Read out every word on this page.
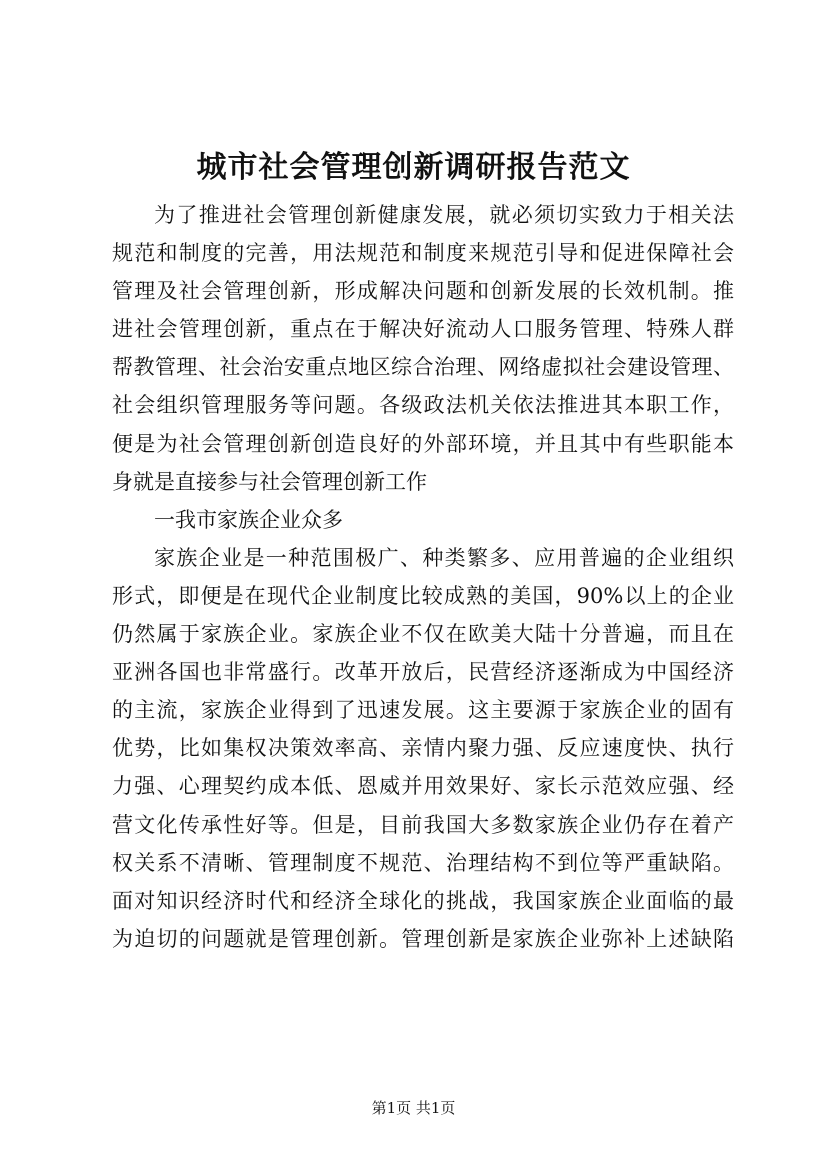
城市社会管理创新调研报告范文
为了推进社会管理创新健康发展，就必须切实致力于相关法
规范和制度的完善，用法规范和制度来规范引导和促进保障社会
管理及社会管理创新，形成解决问题和创新发展的长效机制。推
进社会管理创新，重点在于解决好流动人口服务管理、特殊人群
帮教管理、社会治安重点地区综合治理、网络虚拟社会建设管理、
社会组织管理服务等问题。各级政法机关依法推进其本职工作，
便是为社会管理创新创造良好的外部环境，并且其中有些职能本
身就是直接参与社会管理创新工作
一我市家族企业众多
家族企业是一种范围极广、种类繁多、应用普遍的企业组织
形式，即便是在现代企业制度比较成熟的美国，90%以上的企业
仍然属于家族企业。家族企业不仅在欧美大陆十分普遍，而且在
亚洲各国也非常盛行。改革开放后，民营经济逐渐成为中国经济
的主流，家族企业得到了迅速发展。这主要源于家族企业的固有
优势，比如集权决策效率高、亲情内聚力强、反应速度快、执行
力强、心理契约成本低、恩威并用效果好、家长示范效应强、经
营文化传承性好等。但是，目前我国大多数家族企业仍存在着产
权关系不清晰、管理制度不规范、治理结构不到位等严重缺陷。
面对知识经济时代和经济全球化的挑战，我国家族企业面临的最
为迫切的问题就是管理创新。管理创新是家族企业弥补上述缺陷
第1页 共1页
